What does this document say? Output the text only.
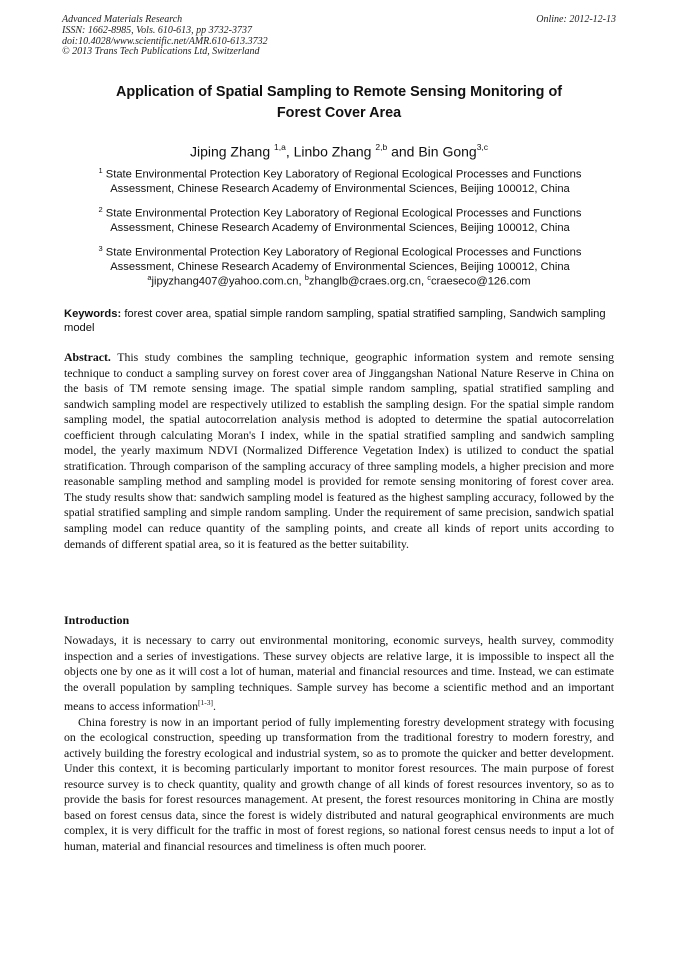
Advanced Materials Research
ISSN: 1662-8985, Vols. 610-613, pp 3732-3737
doi:10.4028/www.scientific.net/AMR.610-613.3732
© 2013 Trans Tech Publications Ltd, Switzerland
Online: 2012-12-13
Application of Spatial Sampling to Remote Sensing Monitoring of
Forest Cover Area
Jiping Zhang $^{1,a}$, Linbo Zhang $^{2,b}$ and Bin Gong$^{3,c}$
$^1$ State Environmental Protection Key Laboratory of Regional Ecological Processes and Functions Assessment, Chinese Research Academy of Environmental Sciences, Beijing 100012, China
$^2$ State Environmental Protection Key Laboratory of Regional Ecological Processes and Functions Assessment, Chinese Research Academy of Environmental Sciences, Beijing 100012, China
$^3$ State Environmental Protection Key Laboratory of Regional Ecological Processes and Functions Assessment, Chinese Research Academy of Environmental Sciences, Beijing 100012, China
$^a$jipyzhang407@yahoo.com.cn, $^b$zhanglb@craes.org.cn, $^c$craeseco@126.com
Keywords: forest cover area, spatial simple random sampling, spatial stratified sampling, Sandwich sampling model
Abstract. This study combines the sampling technique, geographic information system and remote sensing technique to conduct a sampling survey on forest cover area of Jinggangshan National Nature Reserve in China on the basis of TM remote sensing image. The spatial simple random sampling, spatial stratified sampling and sandwich sampling model are respectively utilized to establish the sampling design. For the spatial simple random sampling model, the spatial autocorrelation analysis method is adopted to determine the spatial autocorrelation coefficient through calculating Moran's I index, while in the spatial stratified sampling and sandwich sampling model, the yearly maximum NDVI (Normalized Difference Vegetation Index) is utilized to conduct the spatial stratification. Through comparison of the sampling accuracy of three sampling models, a higher precision and more reasonable sampling method and sampling model is provided for remote sensing monitoring of forest cover area. The study results show that: sandwich sampling model is featured as the highest sampling accuracy, followed by the spatial stratified sampling and simple random sampling. Under the requirement of same precision, sandwich spatial sampling model can reduce quantity of the sampling points, and create all kinds of report units according to demands of different spatial area, so it is featured as the better suitability.
Introduction

Nowadays, it is necessary to carry out environmental monitoring, economic surveys, health survey, commodity inspection and a series of investigations. These survey objects are relative large, it is impossible to inspect all the objects one by one as it will cost a lot of human, material and financial resources and time. Instead, we can estimate the overall population by sampling techniques. Sample survey has become a scientific method and an important means to access information[1-3].

China forestry is now in an important period of fully implementing forestry development strategy with focusing on the ecological construction, speeding up transformation from the traditional forestry to modern forestry, and actively building the forestry ecological and industrial system, so as to promote the quicker and better development. Under this context, it is becoming particularly important to monitor forest resources. The main purpose of forest resource survey is to check quantity, quality and growth change of all kinds of forest resources inventory, so as to provide the basis for forest resources management. At present, the forest resources monitoring in China are mostly based on forest census data, since the forest is widely distributed and natural geographical environments are much complex, it is very difficult for the traffic in most of forest regions, so national forest census needs to input a lot of human, material and financial resources and timeliness is often much poorer.
